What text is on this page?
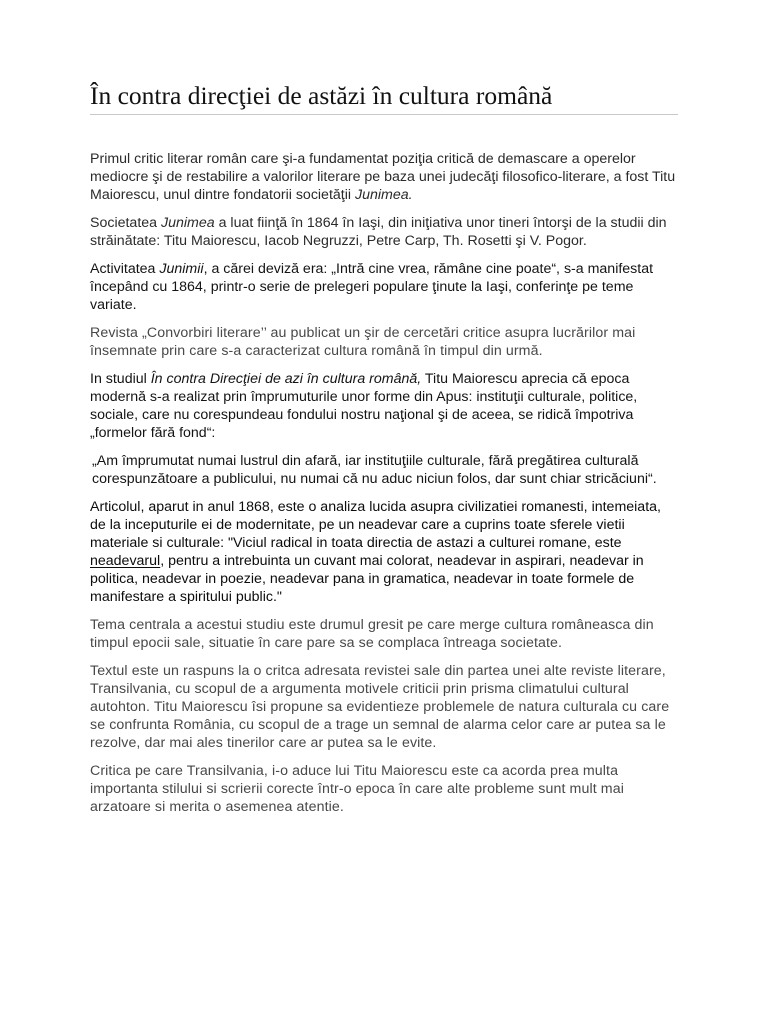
În contra direcţiei de astăzi în cultura română

Primul critic literar român care şi-a fundamentat poziţia critică de demascare a operelor mediocre şi de restabilire a valorilor literare pe baza unei judecăţi filosofico-literare, a fost Titu Maiorescu, unul dintre fondatorii societăţii Junimea.

Societatea Junimea a luat fiinţă în 1864 în Iaşi, din iniţiativa unor tineri întorşi de la studii din străinătate: Titu Maiorescu, Iacob Negruzzi, Petre Carp, Th. Rosetti şi V. Pogor.

Activitatea Junimii, a cărei deviză era: „Intră cine vrea, rămâne cine poate“, s-a manifestat începând cu 1864, printr-o serie de prelegeri populare ţinute la Iaşi, conferinţe pe teme variate.

Revista „Convorbiri literare’’ au publicat un şir de cercetări critice asupra lucrărilor mai însemnate prin care s-a caracterizat cultura română în timpul din urmă.

In studiul În contra Direcţiei de azi în cultura română, Titu Maiorescu aprecia că epoca modernă s-a realizat prin împrumuturile unor forme din Apus: instituţii culturale, politice, sociale, care nu corespundeau fondului nostru naţional şi de aceea, se ridică împotriva „formelor fără fond“:

„Am împrumutat numai lustrul din afară, iar instituţiile culturale, fără pregătirea culturală corespunzătoare a publicului, nu numai că nu aduc niciun folos, dar sunt chiar stricăciuni“.

Articolul, aparut in anul 1868, este o analiza lucida asupra civilizatiei romanesti, intemeiata, de la inceputurile ei de modernitate, pe un neadevar care a cuprins toate sferele vietii materiale si culturale: "Viciul radical in toata directia de astazi a culturei romane, este neadevarul, pentru a intrebuinta un cuvant mai colorat, neadevar in aspirari, neadevar in politica, neadevar in poezie, neadevar pana in gramatica, neadevar in toate formele de manifestare a spiritului public."

Tema centrala a acestui studiu este drumul gresit pe care merge cultura româneasca din timpul epocii sale, situatie în care pare sa se complaca întreaga societate.

Textul este un raspuns la o critca adresata revistei sale din partea unei alte reviste literare, Transilvania, cu scopul de a argumenta motivele criticii prin prisma climatului cultural autohton. Titu Maiorescu îsi propune sa evidentieze problemele de natura culturala cu care se confrunta România, cu scopul de a trage un semnal de alarma celor care ar putea sa le rezolve, dar mai ales tinerilor care ar putea sa le evite.

Critica pe care Transilvania, i-o aduce lui Titu Maiorescu este ca acorda prea multa importanta stilului si scrierii corecte într-o epoca în care alte probleme sunt mult mai arzatoare si merita o asemenea atentie.
